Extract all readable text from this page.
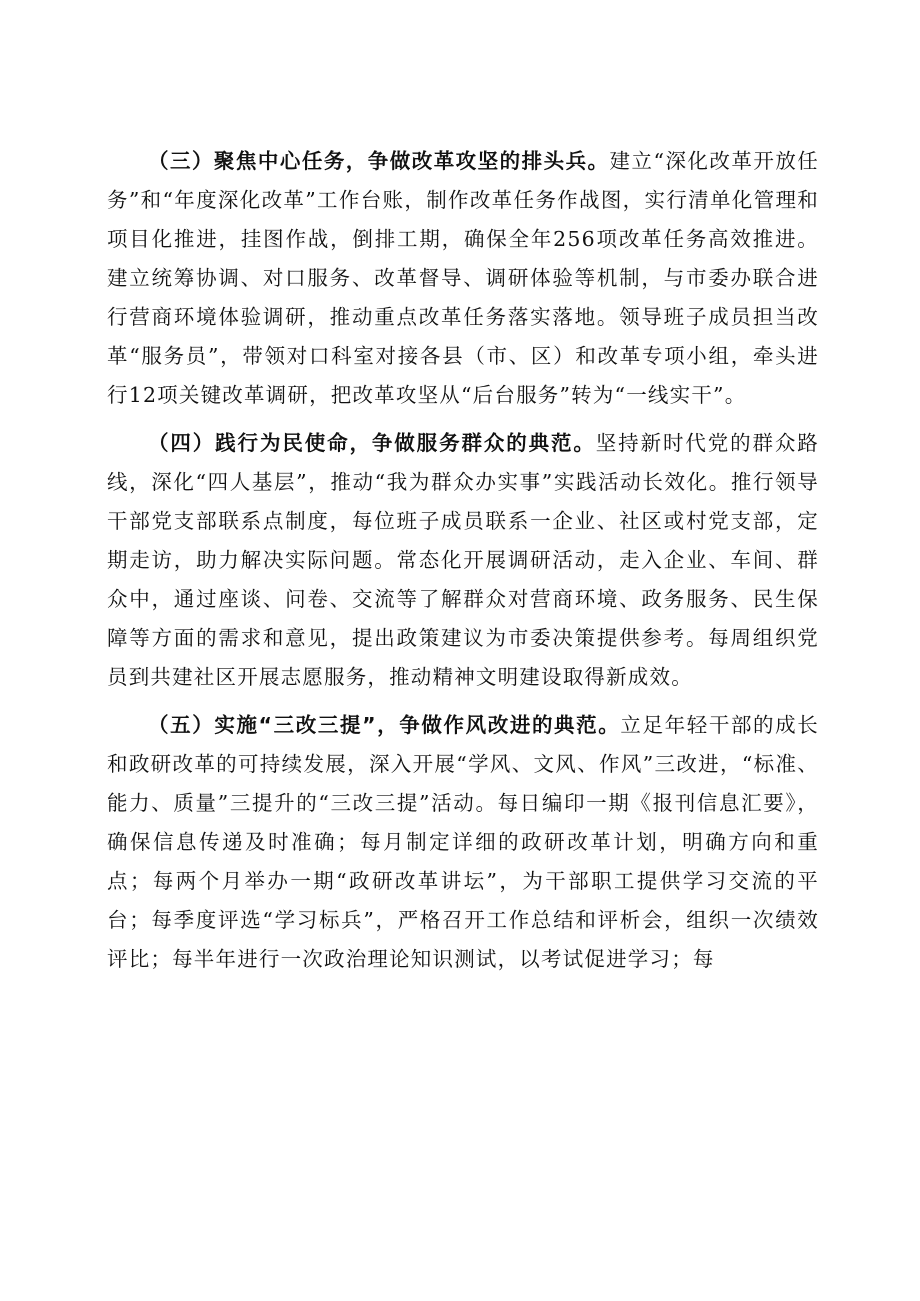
（三）聚焦中心任务，争做改革攻坚的排头兵。建立“深化改革开放任务”和“年度深化改革”工作台账，制作改革任务作战图，实行清单化管理和项目化推进，挂图作战，倒排工期，确保全年256项改革任务高效推进。建立统筹协调、对口服务、改革督导、调研体验等机制，与市委办联合进行营商环境体验调研，推动重点改革任务落实落地。领导班子成员担当改革“服务员”，带领对口科室对接各县（市、区）和改革专项小组，牵头进行12项关键改革调研，把改革攻坚从“后台服务”转为“一线实干”。

（四）践行为民使命，争做服务群众的典范。坚持新时代党的群众路线，深化“四人基层”，推动“我为群众办实事”实践活动长效化。推行领导干部党支部联系点制度，每位班子成员联系一企业、社区或村党支部，定期走访，助力解决实际问题。常态化开展调研活动，走入企业、车间、群众中，通过座谈、问卷、交流等了解群众对营商环境、政务服务、民生保障等方面的需求和意见，提出政策建议为市委决策提供参考。每周组织党员到共建社区开展志愿服务，推动精神文明建设取得新成效。

（五）实施“三改三提”，争做作风改进的典范。立足年轻干部的成长和政研改革的可持续发展，深入开展“学风、文风、作风”三改进，“标准、能力、质量”三提升的“三改三提”活动。每日编印一期《报刊信息汇要》，确保信息传递及时准确；每月制定详细的政研改革计划，明确方向和重点；每两个月举办一期“政研改革讲坛”，为干部职工提供学习交流的平台；每季度评选“学习标兵”，严格召开工作总结和评析会，组织一次绩效评比；每半年进行一次政治理论知识测试，以考试促进学习；每
